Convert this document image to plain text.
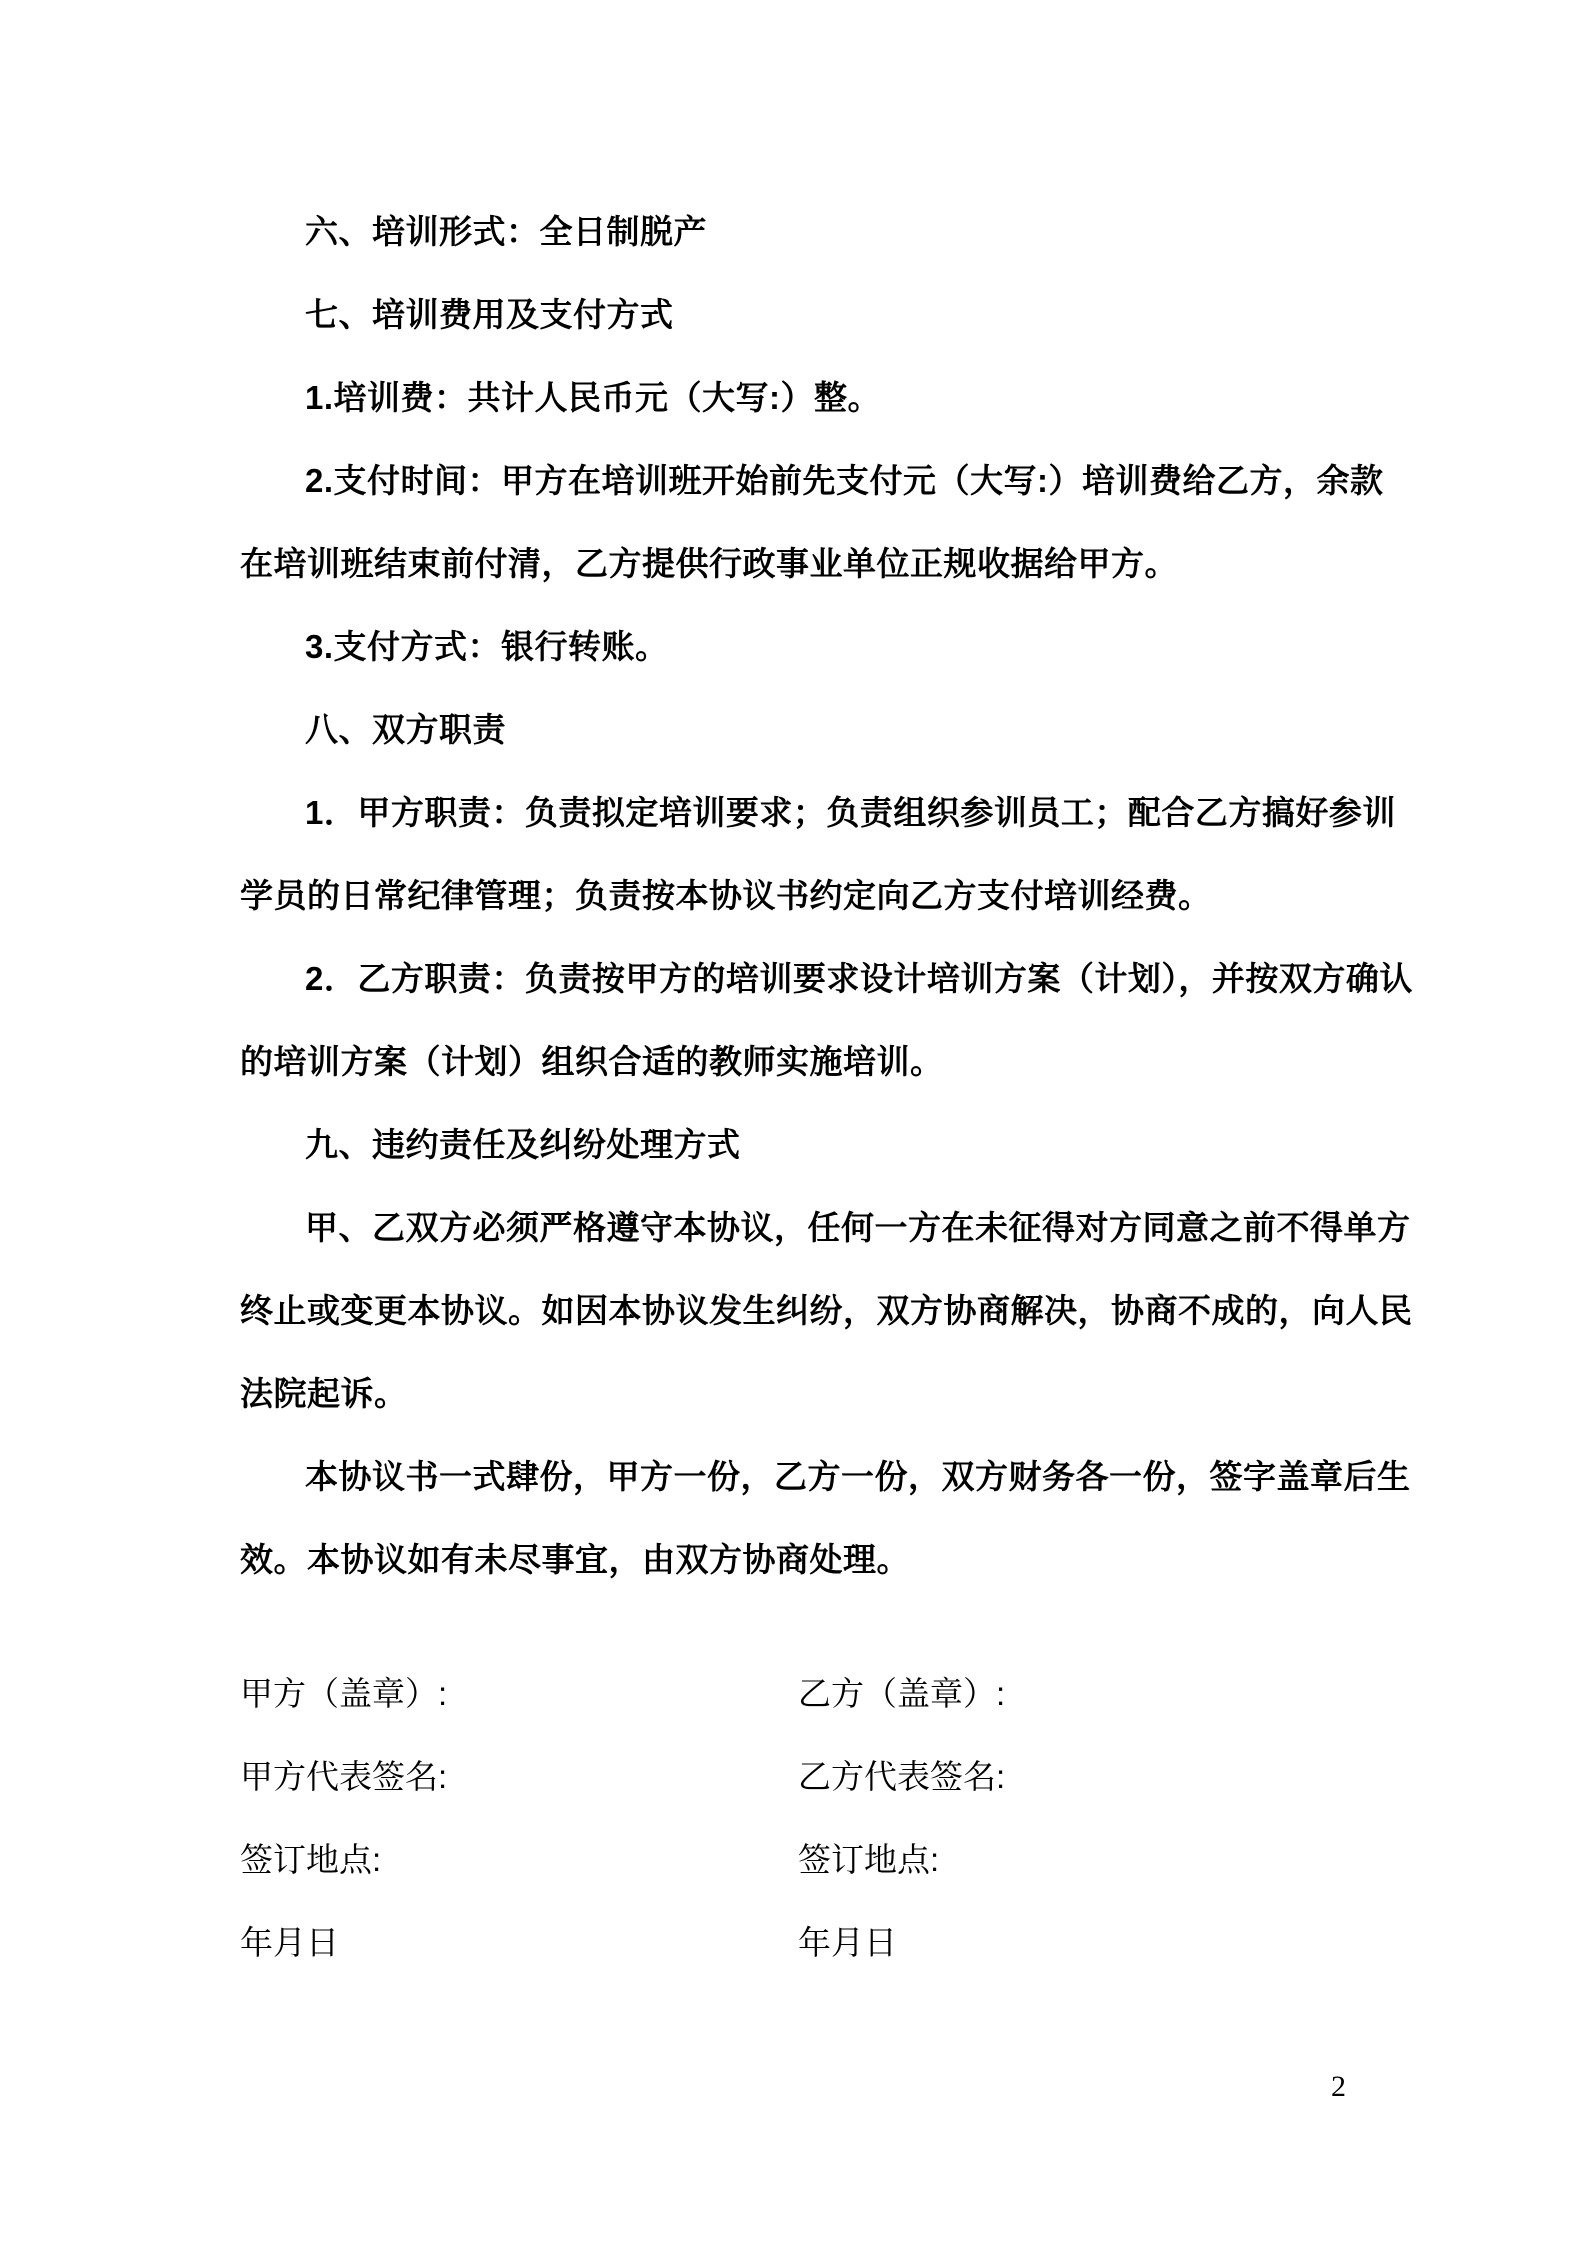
六、培训形式：全日制脱产
七、培训费用及支付方式
1.培训费：共计人民币元（大写:）整。
2.支付时间：甲方在培训班开始前先支付元（大写:）培训费给乙方，余款
在培训班结束前付清，乙方提供行政事业单位正规收据给甲方。
3.支付方式：银行转账。
八、双方职责
1．甲方职责：负责拟定培训要求；负责组织参训员工；配合乙方搞好参训
学员的日常纪律管理；负责按本协议书约定向乙方支付培训经费。
2．乙方职责：负责按甲方的培训要求设计培训方案（计划），并按双方确认
的培训方案（计划）组织合适的教师实施培训。
九、违约责任及纠纷处理方式
甲、乙双方必须严格遵守本协议，任何一方在未征得对方同意之前不得单方
终止或变更本协议。如因本协议发生纠纷，双方协商解决，协商不成的，向人民
法院起诉。
本协议书一式肆份，甲方一份，乙方一份，双方财务各一份，签字盖章后生
效。本协议如有未尽事宜，由双方协商处理。
甲方（盖章）:	乙方（盖章）:
甲方代表签名:	乙方代表签名:
签订地点:	签订地点:
年月日	年月日
2
